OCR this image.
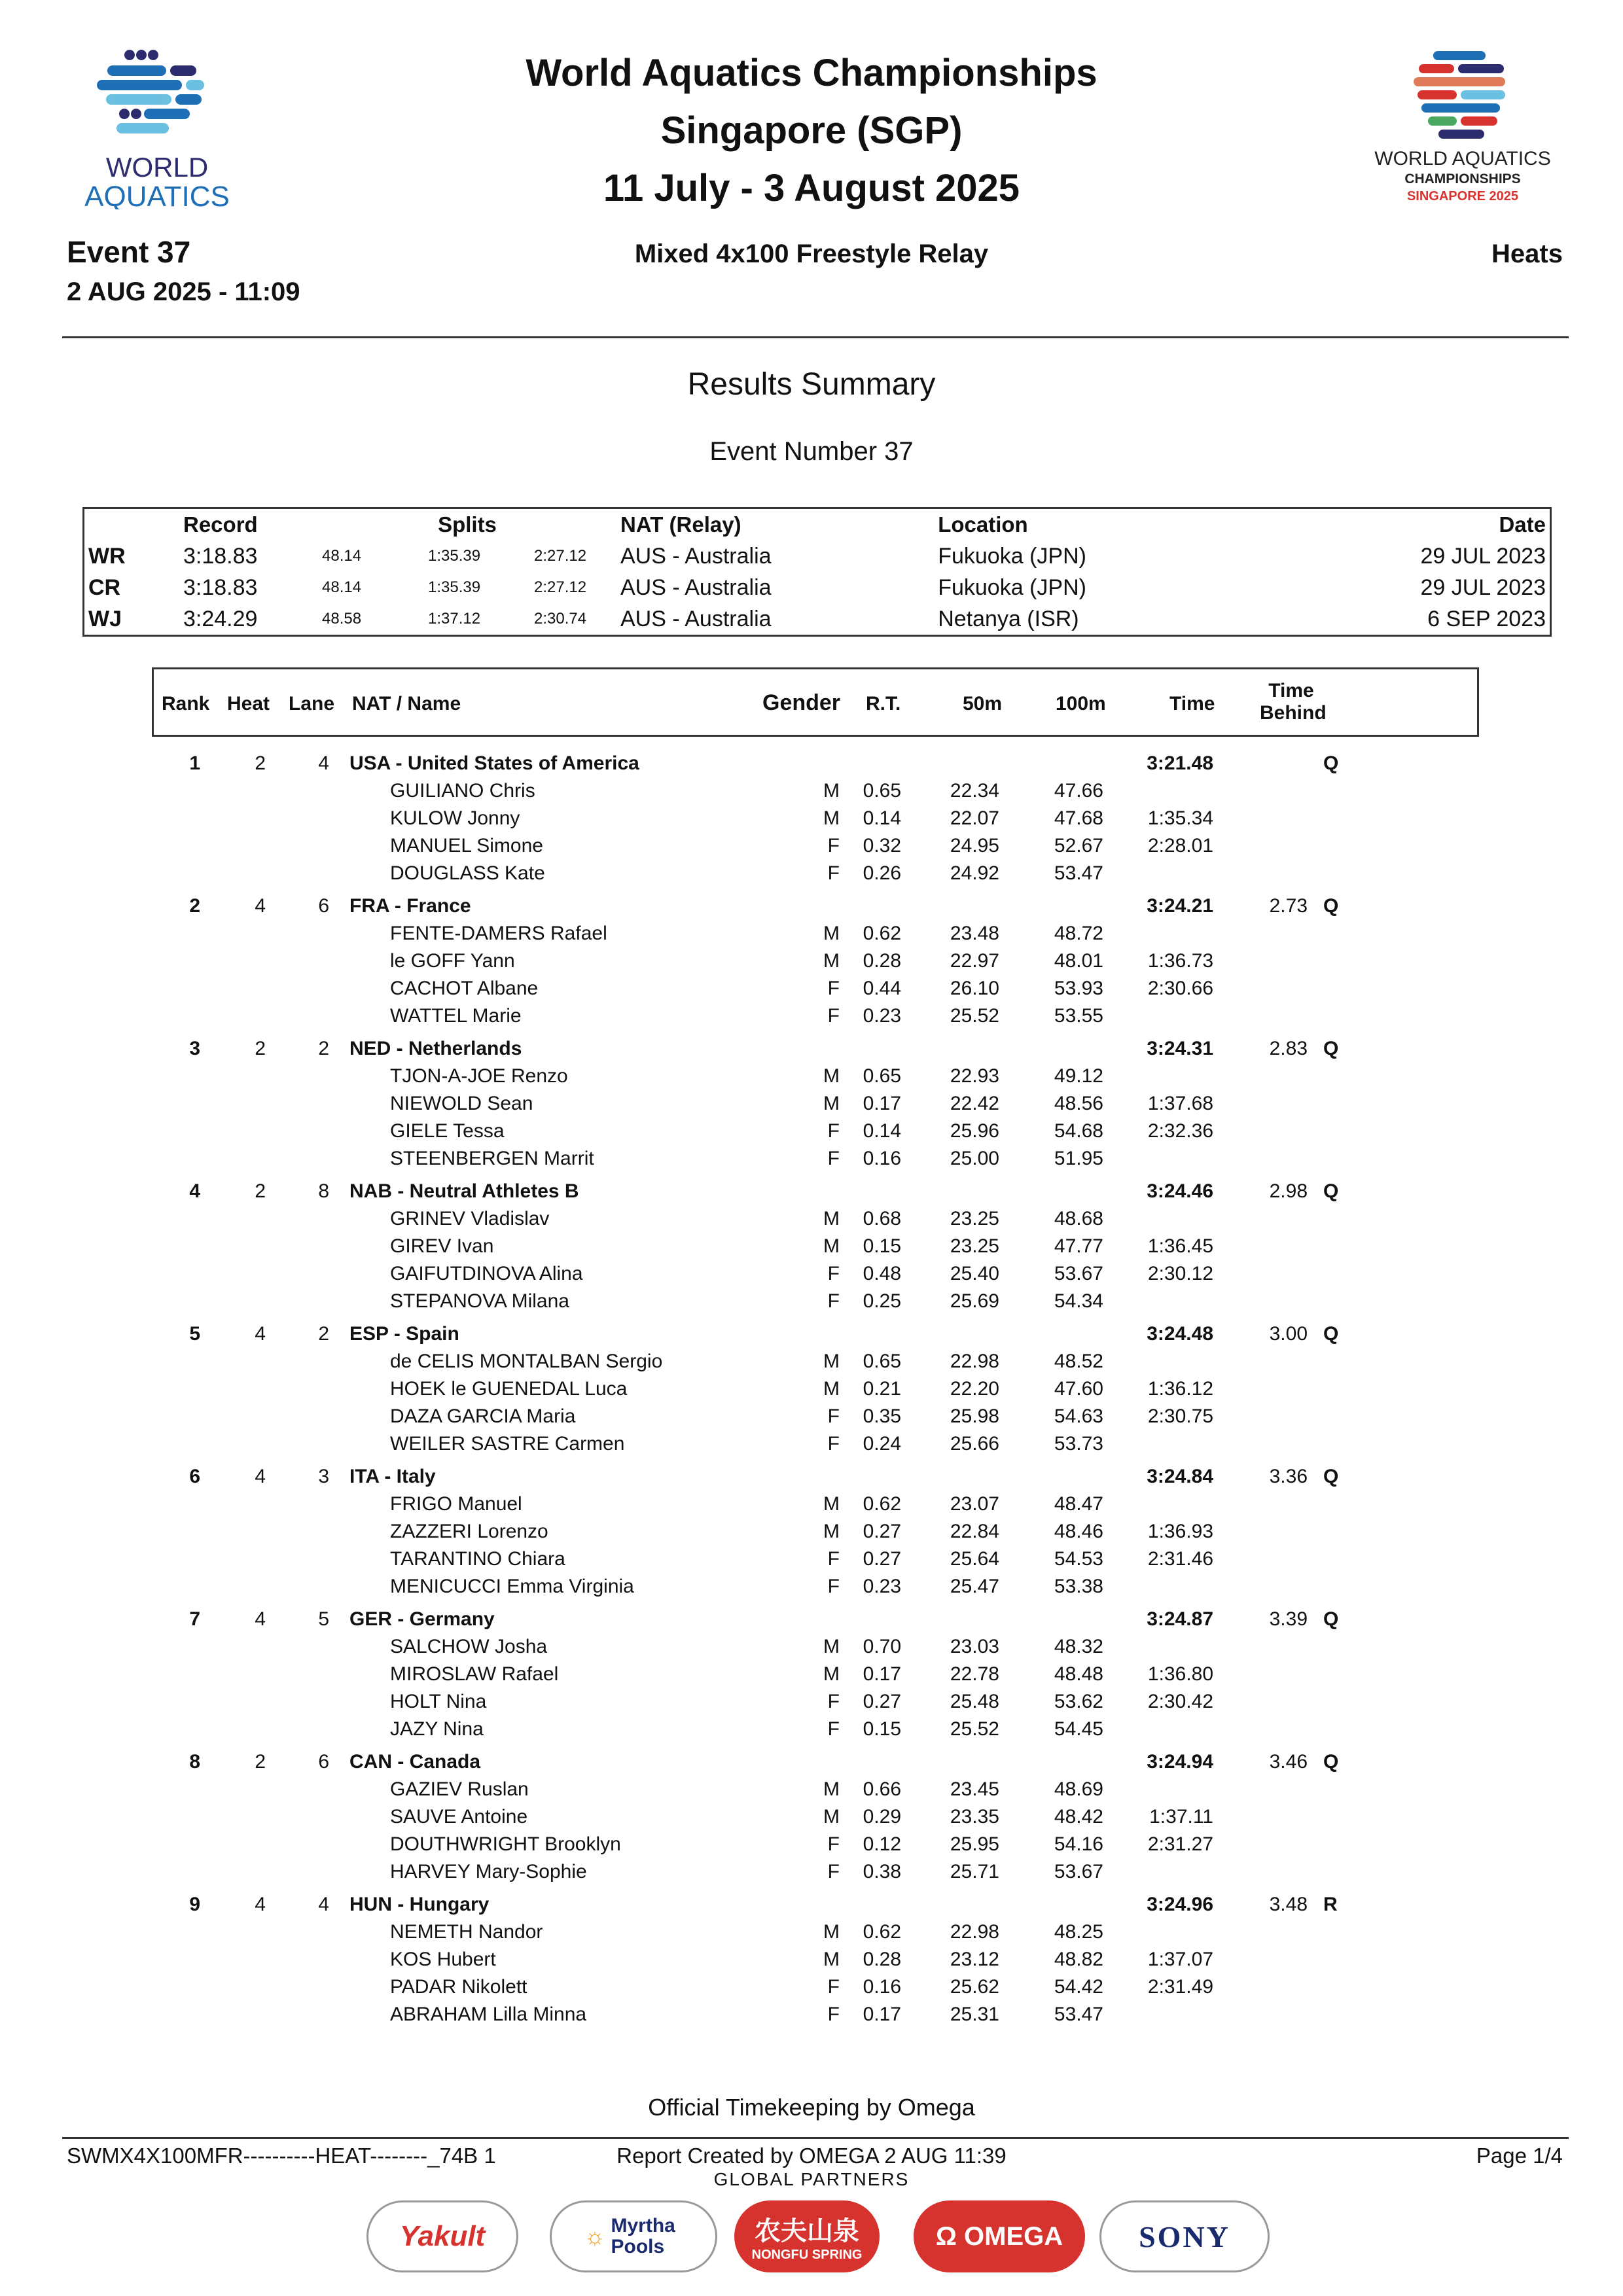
WORLD
AQUATICS
WORLD AQUATICS
CHAMPIONSHIPS
SINGAPORE 2025
World Aquatics Championships
Singapore (SGP)
11 July - 3 August 2025
Event 37
2 AUG 2025 - 11:09
Mixed 4x100 Freestyle Relay	Heats
Results Summary
Event Number 37
	Record	Splits			NAT (Relay)	Location	Date
WR	3:18.83	48.14	1:35.39	2:27.12	AUS - Australia	Fukuoka (JPN)	29 JUL 2023
CR	3:18.83	48.14	1:35.39	2:27.12	AUS - Australia	Fukuoka (JPN)	29 JUL 2023
WJ	3:24.29	48.58	1:37.12	2:30.74	AUS - Australia	Netanya (ISR)	6 SEP 2023
Rank Heat Lane NAT / Name	Gender R.T.	50m	100m	Time
Time
Behind
1	2	4 USA - United States of America	3:21.48	Q
GUILIANO Chris	M 0.65 22.34	47.66
KULOW Jonny	M 0.14 22.07	47.68 1:35.34
MANUEL Simone	F 0.32 24.95	52.67 2:28.01
DOUGLASS Kate	F 0.26 24.92	53.47
2	4	6 FRA - France	3:24.21	2.73 Q
FENTE-DAMERS Rafael	M 0.62 23.48	48.72
le GOFF Yann	M 0.28 22.97	48.01 1:36.73
CACHOT Albane	F 0.44 26.10	53.93 2:30.66
WATTEL Marie	F 0.23 25.52	53.55
3	2	2 NED - Netherlands	3:24.31	2.83 Q
TJON-A-JOE Renzo	M 0.65 22.93	49.12
NIEWOLD Sean	M 0.17 22.42	48.56 1:37.68
GIELE Tessa	F 0.14 25.96	54.68 2:32.36
STEENBERGEN Marrit	F 0.16 25.00	51.95
4	2	8 NAB - Neutral Athletes B	3:24.46	2.98 Q
GRINEV Vladislav	M 0.68 23.25	48.68
GIREV Ivan	M 0.15 23.25	47.77 1:36.45
GAIFUTDINOVA Alina	F 0.48 25.40	53.67 2:30.12
STEPANOVA Milana	F 0.25 25.69	54.34
5	4	2 ESP - Spain	3:24.48	3.00 Q
de CELIS MONTALBAN Sergio	M 0.65 22.98	48.52
HOEK le GUENEDAL Luca	M 0.21 22.20	47.60 1:36.12
DAZA GARCIA Maria	F 0.35 25.98	54.63 2:30.75
WEILER SASTRE Carmen	F 0.24 25.66	53.73
6	4	3 ITA - Italy	3:24.84	3.36 Q
FRIGO Manuel	M 0.62 23.07	48.47
ZAZZERI Lorenzo	M 0.27 22.84	48.46 1:36.93
TARANTINO Chiara	F 0.27 25.64	54.53 2:31.46
MENICUCCI Emma Virginia	F 0.23 25.47	53.38
7	4	5 GER - Germany	3:24.87	3.39 Q
SALCHOW Josha	M 0.70 23.03	48.32
MIROSLAW Rafael	M 0.17 22.78	48.48 1:36.80
HOLT Nina	F 0.27 25.48	53.62 2:30.42
JAZY Nina	F 0.15 25.52	54.45
8	2	6 CAN - Canada	3:24.94	3.46 Q
GAZIEV Ruslan	M 0.66 23.45	48.69
SAUVE Antoine	M 0.29 23.35	48.42 1:37.11
DOUTHWRIGHT Brooklyn	F 0.12 25.95	54.16 2:31.27
HARVEY Mary-Sophie	F 0.38 25.71	53.67
9	4	4 HUN - Hungary	3:24.96	3.48 R
NEMETH Nandor	M 0.62 22.98	48.25
KOS Hubert	M 0.28 23.12	48.82 1:37.07
PADAR Nikolett	F 0.16 25.62	54.42 2:31.49
ABRAHAM Lilla Minna	F 0.17 25.31	53.47
Official Timekeeping by Omega
SWMX4X100MFR----------HEAT--------_74B 1	Report Created by OMEGA 2 AUG 11:39	Page 1/4
GLOBAL PARTNERS
Yakult	☼ Myrtha Pools
农夫山泉
NONGFU SPRING
Ω OMEGA	SONY
